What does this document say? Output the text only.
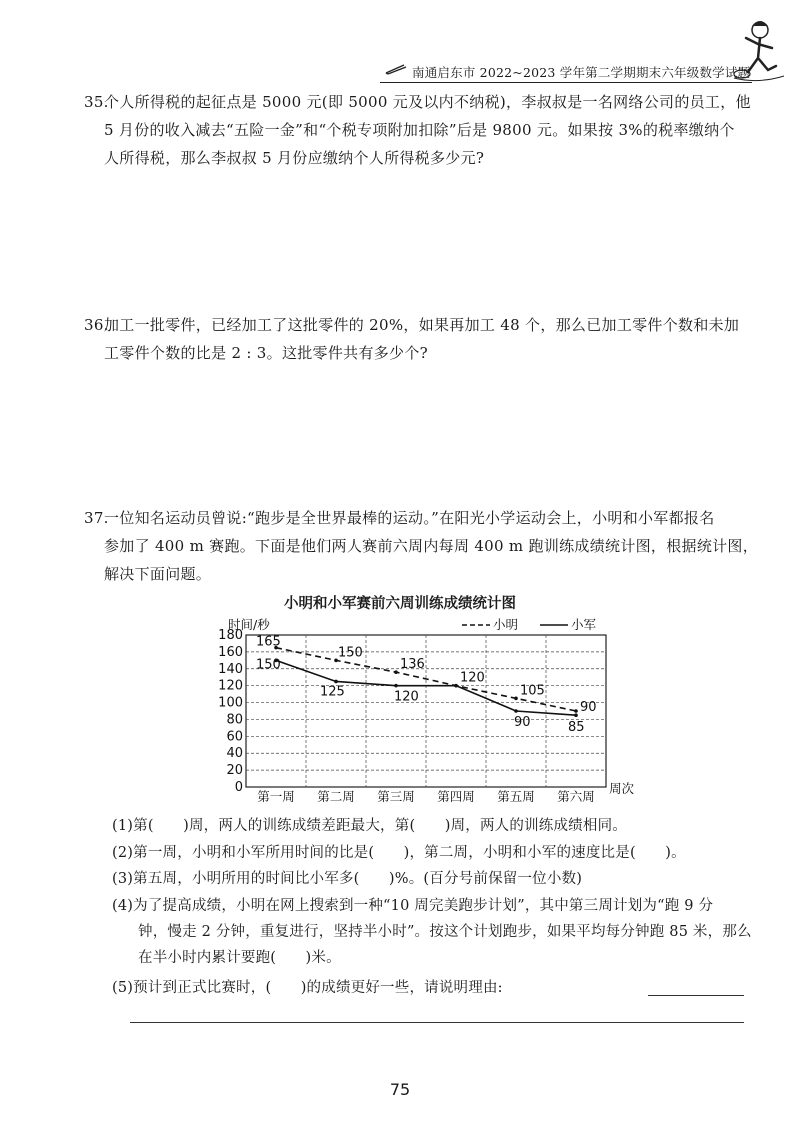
南通启东市 2022~2023 学年第二学期期末六年级数学试题
35.
个人所得税的起征点是 5000 元(即 5000 元及以内不纳税)，李叔叔是一名网络公司的员工，他
5 月份的收入减去“五险一金”和“个税专项附加扣除”后是 9800 元。如果按 3%的税率缴纳个
人所得税，那么李叔叔 5 月份应缴纳个人所得税多少元?
36.
加工一批零件，已经加工了这批零件的 20%，如果再加工 48 个，那么已加工零件个数和未加
工零件个数的比是 2 : 3。这批零件共有多少个?
37.
一位知名运动员曾说:“跑步是全世界最棒的运动。”在阳光小学运动会上，小明和小军都报名
参加了 400 m 赛跑。下面是他们两人赛前六周内每周 400 m 跑训练成绩统计图，根据统计图，
解决下面问题。
小明和小军赛前六周训练成绩统计图
0
20
40
60
80
100
120
140
160
180
第一周 第二周 第三周 第四周 第五周 第六周
时间/秒
周次
小明	小军
165
150
136
120
105
90
150
125	120
90	85
(1)第(　　)周，两人的训练成绩差距最大，第(　　)周，两人的训练成绩相同。
(2)第一周，小明和小军所用时间的比是(　　)，第二周，小明和小军的速度比是(　　)。
(3)第五周，小明所用的时间比小军多(　　)%。(百分号前保留一位小数)
(4)为了提高成绩，小明在网上搜索到一种“10 周完美跑步计划”，其中第三周计划为“跑 9 分
钟，慢走 2 分钟，重复进行，坚持半小时”。按这个计划跑步，如果平均每分钟跑 85 米，那么
在半小时内累计要跑(　　)米。
(5)预计到正式比赛时，(　　)的成绩更好一些，请说明理由:
75
